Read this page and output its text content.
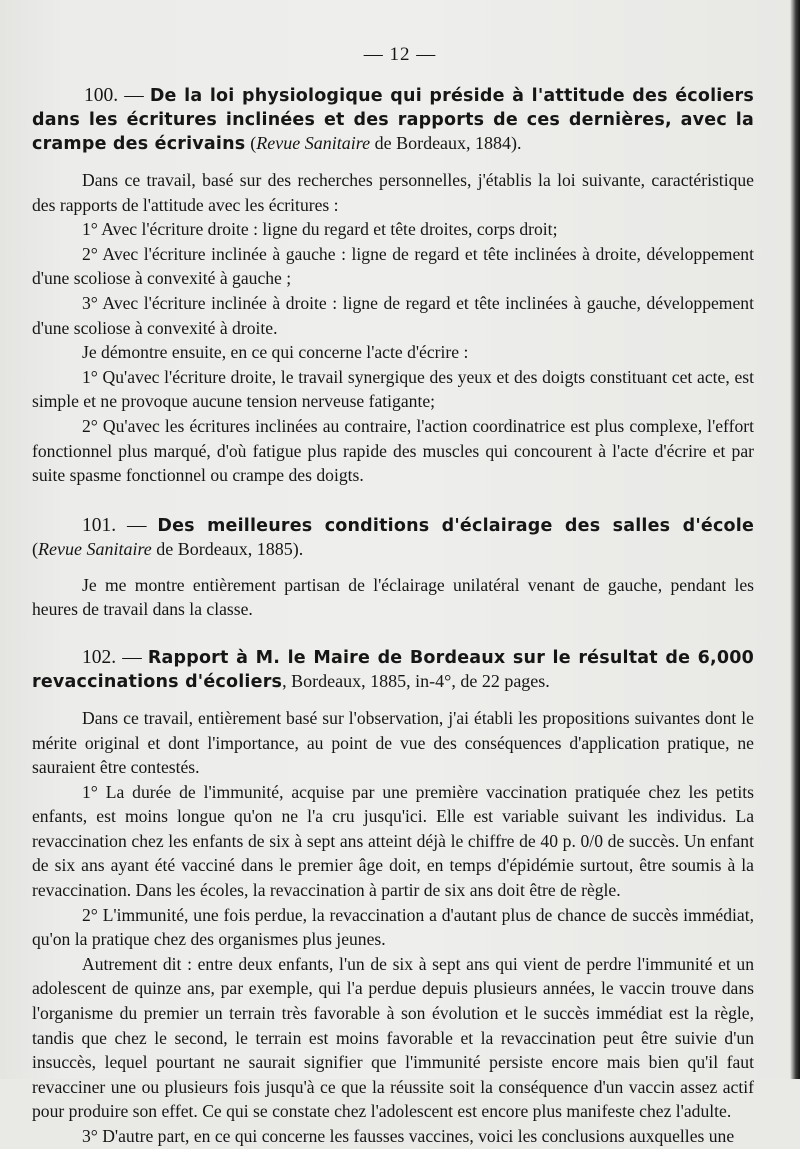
— 12 —

100. — De la loi physiologique qui préside à l'attitude des écoliers dans les écritures inclinées et des rapports de ces dernières, avec la crampe des écrivains (Revue Sanitaire de Bordeaux, 1884).

Dans ce travail, basé sur des recherches personnelles, j'établis la loi suivante, caractéristique des rapports de l'attitude avec les écritures :

1° Avec l'écriture droite : ligne du regard et tête droites, corps droit;

2° Avec l'écriture inclinée à gauche : ligne de regard et tête inclinées à droite, développement d'une scoliose à convexité à gauche ;

3° Avec l'écriture inclinée à droite : ligne de regard et tête inclinées à gauche, développement d'une scoliose à convexité à droite.

Je démontre ensuite, en ce qui concerne l'acte d'écrire :

1° Qu'avec l'écriture droite, le travail synergique des yeux et des doigts constituant cet acte, est simple et ne provoque aucune tension nerveuse fatigante;

2° Qu'avec les écritures inclinées au contraire, l'action coordinatrice est plus complexe, l'effort fonctionnel plus marqué, d'où fatigue plus rapide des muscles qui concourent à l'acte d'écrire et par suite spasme fonctionnel ou crampe des doigts.

101. — Des meilleures conditions d'éclairage des salles d'école (Revue Sanitaire de Bordeaux, 1885).

Je me montre entièrement partisan de l'éclairage unilatéral venant de gauche, pendant les heures de travail dans la classe.

102. — Rapport à M. le Maire de Bordeaux sur le résultat de 6,000 revaccinations d'écoliers, Bordeaux, 1885, in-4°, de 22 pages.

Dans ce travail, entièrement basé sur l'observation, j'ai établi les propositions suivantes dont le mérite original et dont l'importance, au point de vue des conséquences d'application pratique, ne sauraient être contestés.

1° La durée de l'immunité, acquise par une première vaccination pratiquée chez les petits enfants, est moins longue qu'on ne l'a cru jusqu'ici. Elle est variable suivant les individus. La revaccination chez les enfants de six à sept ans atteint déjà le chiffre de 40 p. 0/0 de succès. Un enfant de six ans ayant été vacciné dans le premier âge doit, en temps d'épidémie surtout, être soumis à la revaccination. Dans les écoles, la revaccination à partir de six ans doit être de règle.

2° L'immunité, une fois perdue, la revaccination a d'autant plus de chance de succès immédiat, qu'on la pratique chez des organismes plus jeunes.

Autrement dit : entre deux enfants, l'un de six à sept ans qui vient de perdre l'immunité et un adolescent de quinze ans, par exemple, qui l'a perdue depuis plusieurs années, le vaccin trouve dans l'organisme du premier un terrain très favorable à son évolution et le succès immédiat est la règle, tandis que chez le second, le terrain est moins favorable et la revaccination peut être suivie d'un insuccès, lequel pourtant ne saurait signifier que l'immunité persiste encore mais bien qu'il faut revacciner une ou plusieurs fois jusqu'à ce que la réussite soit la conséquence d'un vaccin assez actif pour produire son effet. Ce qui se constate chez l'adolescent est encore plus manifeste chez l'adulte.

3° D'autre part, en ce qui concerne les fausses vaccines, voici les conclusions auxquelles une
